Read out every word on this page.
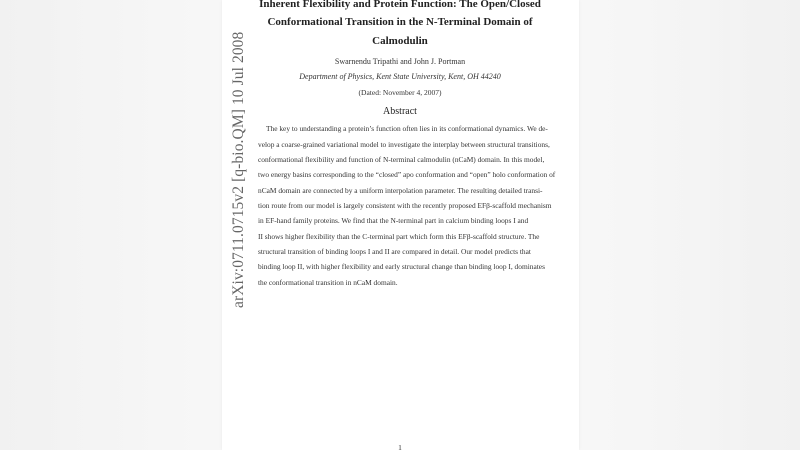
arXiv:0711.0715v2 [q-bio.QM] 10 Jul 2008
Inherent Flexibility and Protein Function: The Open/Closed
Conformational Transition in the N-Terminal Domain of
Calmodulin
Swarnendu Tripathi and John J. Portman
Department of Physics, Kent State University, Kent, OH 44240
(Dated: November 4, 2007)
Abstract
The key to understanding a protein’s function often lies in its conformational dynamics. We de-
velop a coarse-grained variational model to investigate the interplay between structural transitions,
conformational flexibility and function of N-terminal calmodulin (nCaM) domain. In this model,
two energy basins corresponding to the “closed” apo conformation and “open” holo conformation of
nCaM domain are connected by a uniform interpolation parameter. The resulting detailed transi-
tion route from our model is largely consistent with the recently proposed EFβ-scaffold mechanism
in EF-hand family proteins. We find that the N-terminal part in calcium binding loops I and
II shows higher flexibility than the C-terminal part which form this EFβ-scaffold structure. The
structural transition of binding loops I and II are compared in detail. Our model predicts that
binding loop II, with higher flexibility and early structural change than binding loop I, dominates
the conformational transition in nCaM domain.
1
